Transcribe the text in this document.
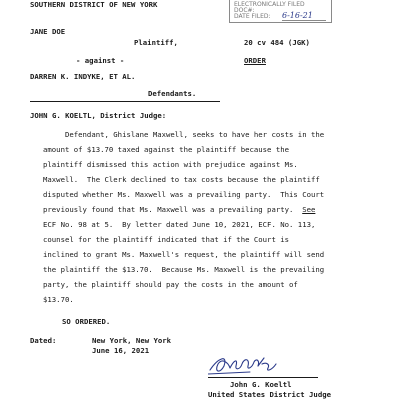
SOUTHERN DISTRICT OF NEW YORK	ELECTRONICALLY FILED
DOC#:
DATE FILED: 6-16-21
JANE DOE
Plaintiff,	20 cv 484 (JGK)
- against -	ORDER
DARREN K. INDYKE, ET AL.
Defendants.
JOHN G. KOELTL, District Judge:
Defendant, Ghislane Maxwell, seeks to have her costs in the
amount of $13.70 taxed against the plaintiff because the
plaintiff dismissed this action with prejudice against Ms.
Maxwell.  The Clerk declined to tax costs because the plaintiff
disputed whether Ms. Maxwell was a prevailing party.  This Court
previously found that Ms. Maxwell was a prevailing party.  See
ECF No. 98 at 5.  By letter dated June 10, 2021, ECF. No. 113,
counsel for the plaintiff indicated that if the Court is
inclined to grant Ms. Maxwell's request, the plaintiff will send
the plaintiff the $13.70.  Because Ms. Maxwell is the prevailing
party, the plaintiff should pay the costs in the amount of
$13.70.
SO ORDERED.
Dated:	New York, New York
June 16, 2021
John G. Koeltl
United States District Judge
